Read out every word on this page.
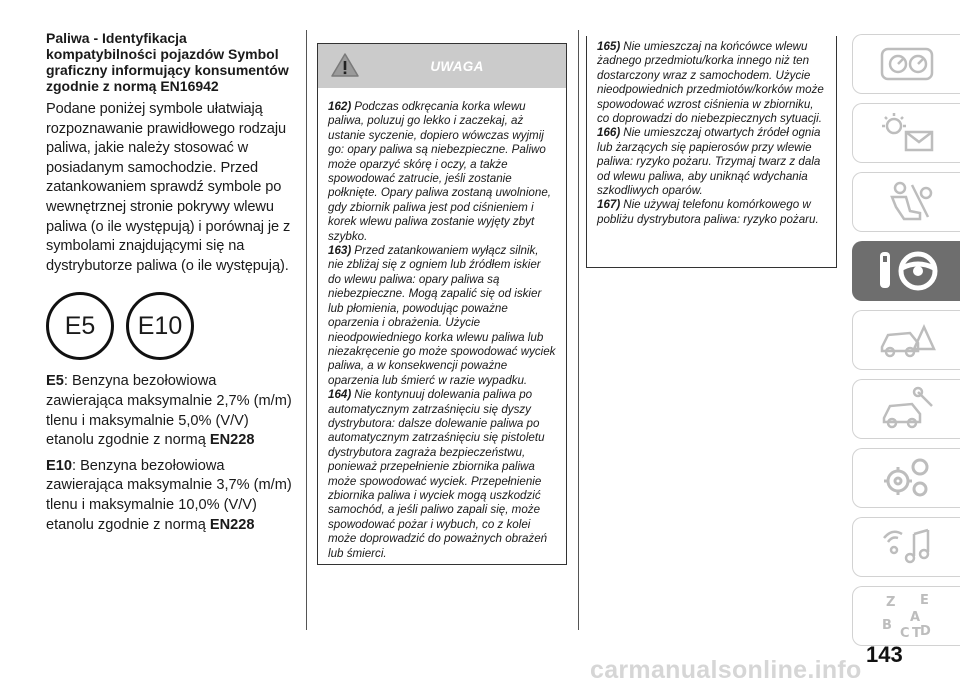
Paliwa - Identyfikacja kompatybilności pojazdów Symbol graficzny informujący konsumentów zgodnie z normą EN16942

Podane poniżej symbole ułatwiają rozpoznawanie prawidłowego rodzaju paliwa, jakie należy stosować w posiadanym samochodzie. Przed zatankowaniem sprawdź symbole po wewnętrznej stronie pokrywy wlewu paliwa (o ile występują) i porównaj je z symbolami znajdującymi się na dystrybutorze paliwa (o ile występują).

E5	E10

E5: Benzyna bezołowiowa zawierająca maksymalnie 2,7% (m/m) tlenu i maksymalnie 5,0% (V/V) etanolu zgodnie z normą EN228

E10: Benzyna bezołowiowa zawierająca maksymalnie 3,7% (m/m) tlenu i maksymalnie 10,0% (V/V) etanolu zgodnie z normą EN228

UWAGA

162) Podczas odkręcania korka wlewu paliwa, poluzuj go lekko i zaczekaj, aż ustanie syczenie, dopiero wówczas wyjmij go: opary paliwa są niebezpieczne. Paliwo może oparzyć skórę i oczy, a także spowodować zatrucie, jeśli zostanie połknięte. Opary paliwa zostaną uwolnione, gdy zbiornik paliwa jest pod ciśnieniem i korek wlewu paliwa zostanie wyjęty zbyt szybko.

163) Przed zatankowaniem wyłącz silnik, nie zbliżaj się z ogniem lub źródłem iskier do wlewu paliwa: opary paliwa są niebezpieczne. Mogą zapalić się od iskier lub płomienia, powodując poważne oparzenia i obrażenia. Użycie nieodpowiedniego korka wlewu paliwa lub niezakręcenie go może spowodować wyciek paliwa, a w konsekwencji poważne oparzenia lub śmierć w razie wypadku.

164) Nie kontynuuj dolewania paliwa po automatycznym zatrzaśnięciu się dyszy dystrybutora: dalsze dolewanie paliwa po automatycznym zatrzaśnięciu się pistoletu dystrybutora zagraża bezpieczeństwu, ponieważ przepełnienie zbiornika paliwa może spowodować wyciek. Przepełnienie zbiornika paliwa i wyciek mogą uszkodzić samochód, a jeśli paliwo zapali się, może spowodować pożar i wybuch, co z kolei może doprowadzić do poważnych obrażeń lub śmierci.

165) Nie umieszczaj na końcówce wlewu żadnego przedmiotu/korka innego niż ten dostarczony wraz z samochodem. Użycie nieodpowiednich przedmiotów/korków może spowodować wzrost ciśnienia w zbiorniku, co doprowadzi do niebezpiecznych sytuacji.

166) Nie umieszczaj otwartych źródeł ognia lub żarzących się papierosów przy wlewie paliwa: ryzyko pożaru. Trzymaj twarz z dala od wlewu paliwa, aby uniknąć wdychania szkodliwych oparów.

167) Nie używaj telefonu komórkowego w pobliżu dystrybutora paliwa: ryzyko pożaru.

Z E
B
C
A
D
T
143
carmanualsonline.info
